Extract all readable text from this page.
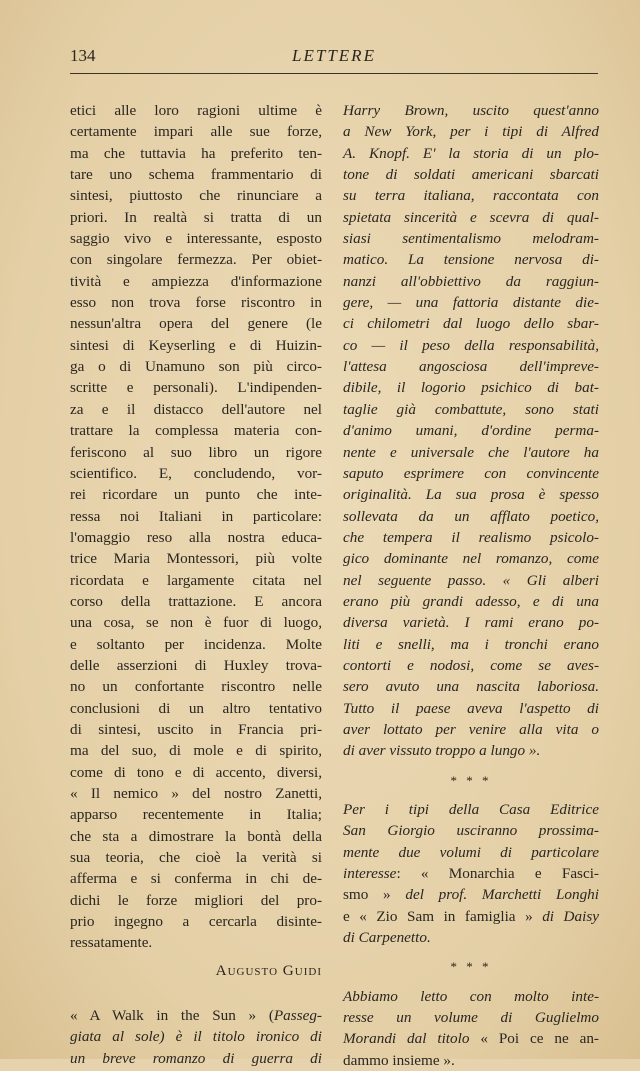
134	LETTERE
etici alle loro ragioni ultime è
certamente impari alle sue forze,
ma che tuttavia ha preferito ten-
tare uno schema frammentario di
sintesi, piuttosto che rinunciare a
priori. In realtà si tratta di un
saggio vivo e interessante, esposto
con singolare fermezza. Per obiet-
tività e ampiezza d'informazione
esso non trova forse riscontro in
nessun'altra opera del genere (le
sintesi di Keyserling e di Huizin-
ga o di Unamuno son più circo-
scritte e personali). L'indipenden-
za e il distacco dell'autore nel
trattare la complessa materia con-
feriscono al suo libro un rigore
scientifico. E, concludendo, vor-
rei ricordare un punto che inte-
ressa noi Italiani in particolare:
l'omaggio reso alla nostra educa-
trice Maria Montessori, più volte
ricordata e largamente citata nel
corso della trattazione. E ancora
una cosa, se non è fuor di luogo,
e soltanto per incidenza. Molte
delle asserzioni di Huxley trova-
no un confortante riscontro nelle
conclusioni di un altro tentativo
di sintesi, uscito in Francia pri-
ma del suo, di mole e di spirito,
come di tono e di accento, diversi,
« Il nemico » del nostro Zanetti,
apparso recentemente in Italia;
che sta a dimostrare la bontà della
sua teoria, che cioè la verità si
afferma e si conferma in chi de-
dichi le forze migliori del pro-
prio ingegno a cercarla disinte-
ressatamente.
Augusto Guidi
« A Walk in the Sun » (Passeg-
giata al sole) è il titolo ironico di
un breve romanzo di guerra di
Harry Brown, uscito quest'anno
a New York, per i tipi di Alfred
A. Knopf. E' la storia di un plo-
tone di soldati americani sbarcati
su terra italiana, raccontata con
spietata sincerità e scevra di qual-
siasi sentimentalismo melodram-
matico. La tensione nervosa di-
nanzi all'obbiettivo da raggiun-
gere, — una fattoria distante die-
ci chilometri dal luogo dello sbar-
co — il peso della responsabilità,
l'attesa angosciosa dell'impreve-
dibile, il logorio psichico di bat-
taglie già combattute, sono stati
d'animo umani, d'ordine perma-
nente e universale che l'autore ha
saputo esprimere con convincente
originalità. La sua prosa è spesso
sollevata da un afflato poetico,
che tempera il realismo psicolo-
gico dominante nel romanzo, come
nel seguente passo. « Gli alberi
erano più grandi adesso, e di una
diversa varietà. I rami erano po-
liti e snelli, ma i tronchi erano
contorti e nodosi, come se aves-
sero avuto una nascita laboriosa.
Tutto il paese aveva l'aspetto di
aver lottato per venire alla vita o
di aver vissuto troppo a lungo ».
* * *
Per i tipi della Casa Editrice
San Giorgio usciranno prossima-
mente due volumi di particolare
interesse: « Monarchia e Fasci-
smo » del prof. Marchetti Longhi
e « Zio Sam in famiglia » di Daisy
di Carpenetto.
* * *
Abbiamo letto con molto inte-
resse un volume di Guglielmo
Morandi dal titolo « Poi ce ne an-
dammo insieme ».
